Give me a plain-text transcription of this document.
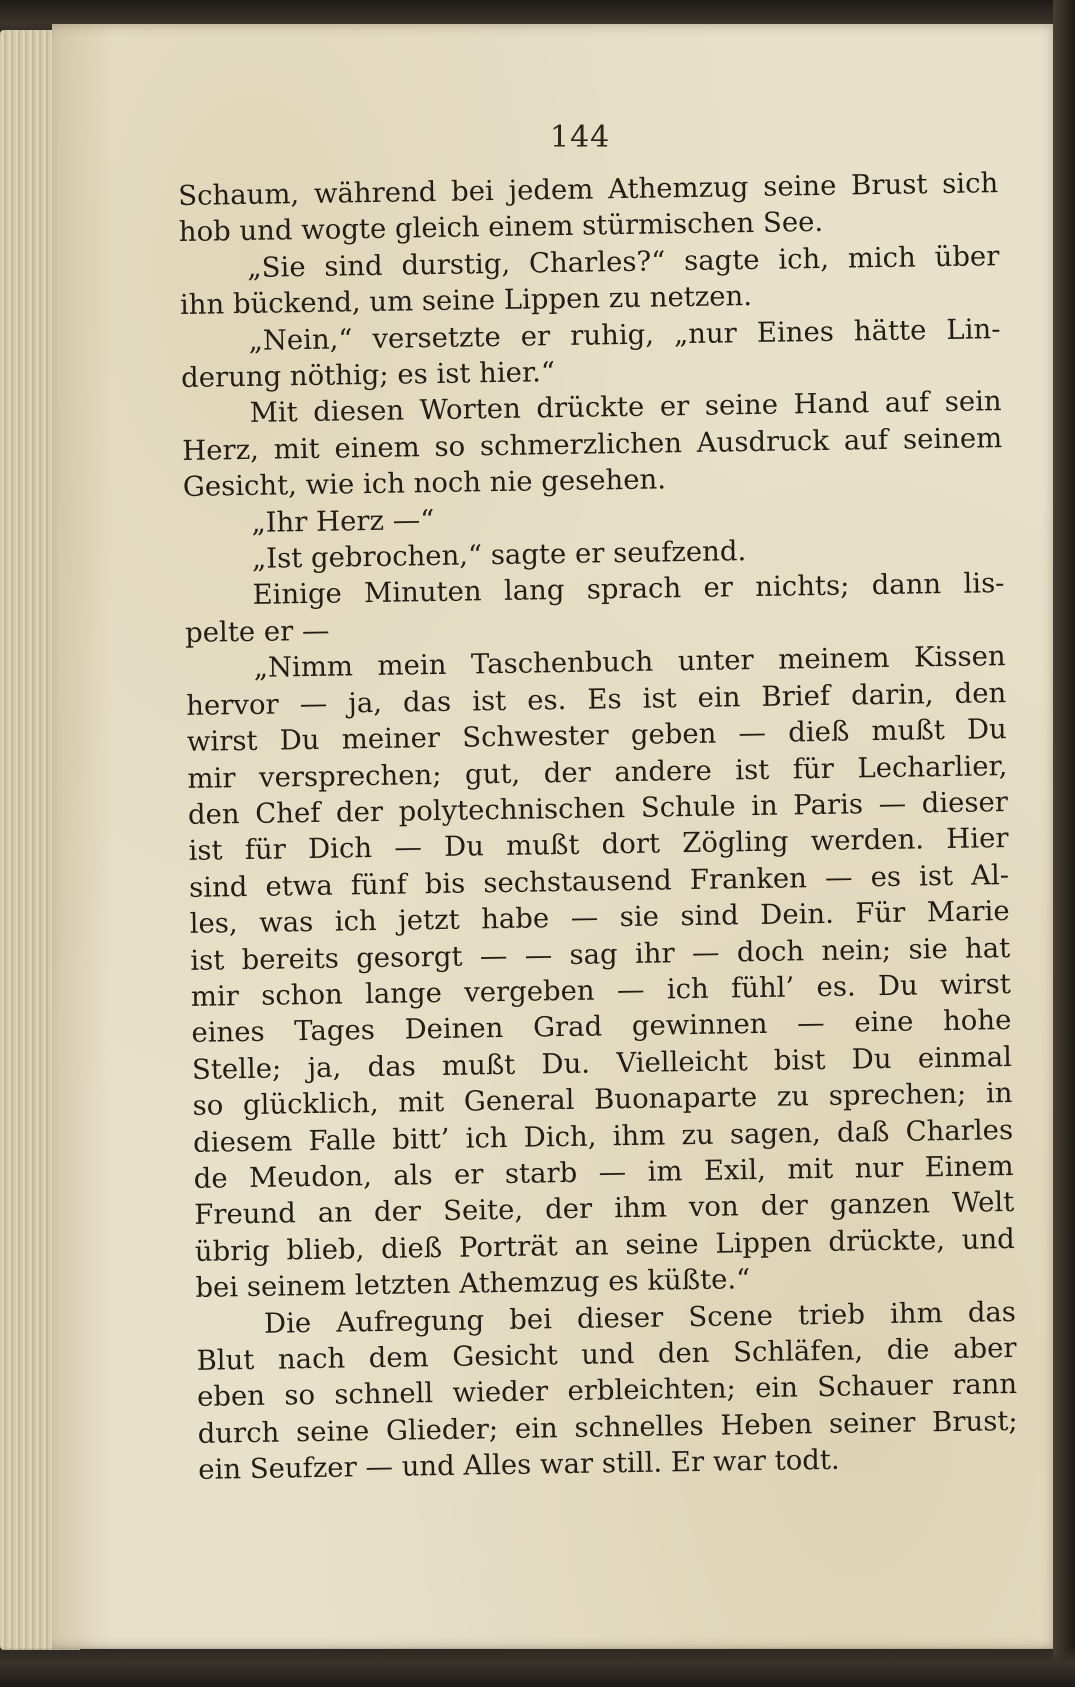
144
Schaum, während bei jedem Athemzug seine Brust sich
hob und wogte gleich einem stürmischen See.
„Sie sind durstig, Charles?“ sagte ich, mich über
ihn bückend, um seine Lippen zu netzen.
„Nein,“ versetzte er ruhig, „nur Eines hätte Lin-
derung nöthig; es ist hier.“
Mit diesen Worten drückte er seine Hand auf sein
Herz, mit einem so schmerzlichen Ausdruck auf seinem
Gesicht, wie ich noch nie gesehen.
„Ihr Herz —“
„Ist gebrochen,“ sagte er seufzend.
Einige Minuten lang sprach er nichts; dann lis-
pelte er —
„Nimm mein Taschenbuch unter meinem Kissen
hervor — ja, das ist es. Es ist ein Brief darin, den
wirst Du meiner Schwester geben — dieß mußt Du
mir versprechen; gut, der andere ist für Lecharlier,
den Chef der polytechnischen Schule in Paris — dieser
ist für Dich — Du mußt dort Zögling werden. Hier
sind etwa fünf bis sechstausend Franken — es ist Al-
les, was ich jetzt habe — sie sind Dein. Für Marie
ist bereits gesorgt — — sag ihr — doch nein; sie hat
mir schon lange vergeben — ich fühl’ es. Du wirst
eines Tages Deinen Grad gewinnen — eine hohe
Stelle; ja, das mußt Du. Vielleicht bist Du einmal
so glücklich, mit General Buonaparte zu sprechen; in
diesem Falle bitt’ ich Dich, ihm zu sagen, daß Charles
de Meudon, als er starb — im Exil, mit nur Einem
Freund an der Seite, der ihm von der ganzen Welt
übrig blieb, dieß Porträt an seine Lippen drückte, und
bei seinem letzten Athemzug es küßte.“
Die Aufregung bei dieser Scene trieb ihm das
Blut nach dem Gesicht und den Schläfen, die aber
eben so schnell wieder erbleichten; ein Schauer rann
durch seine Glieder; ein schnelles Heben seiner Brust;
ein Seufzer — und Alles war still. Er war todt.
